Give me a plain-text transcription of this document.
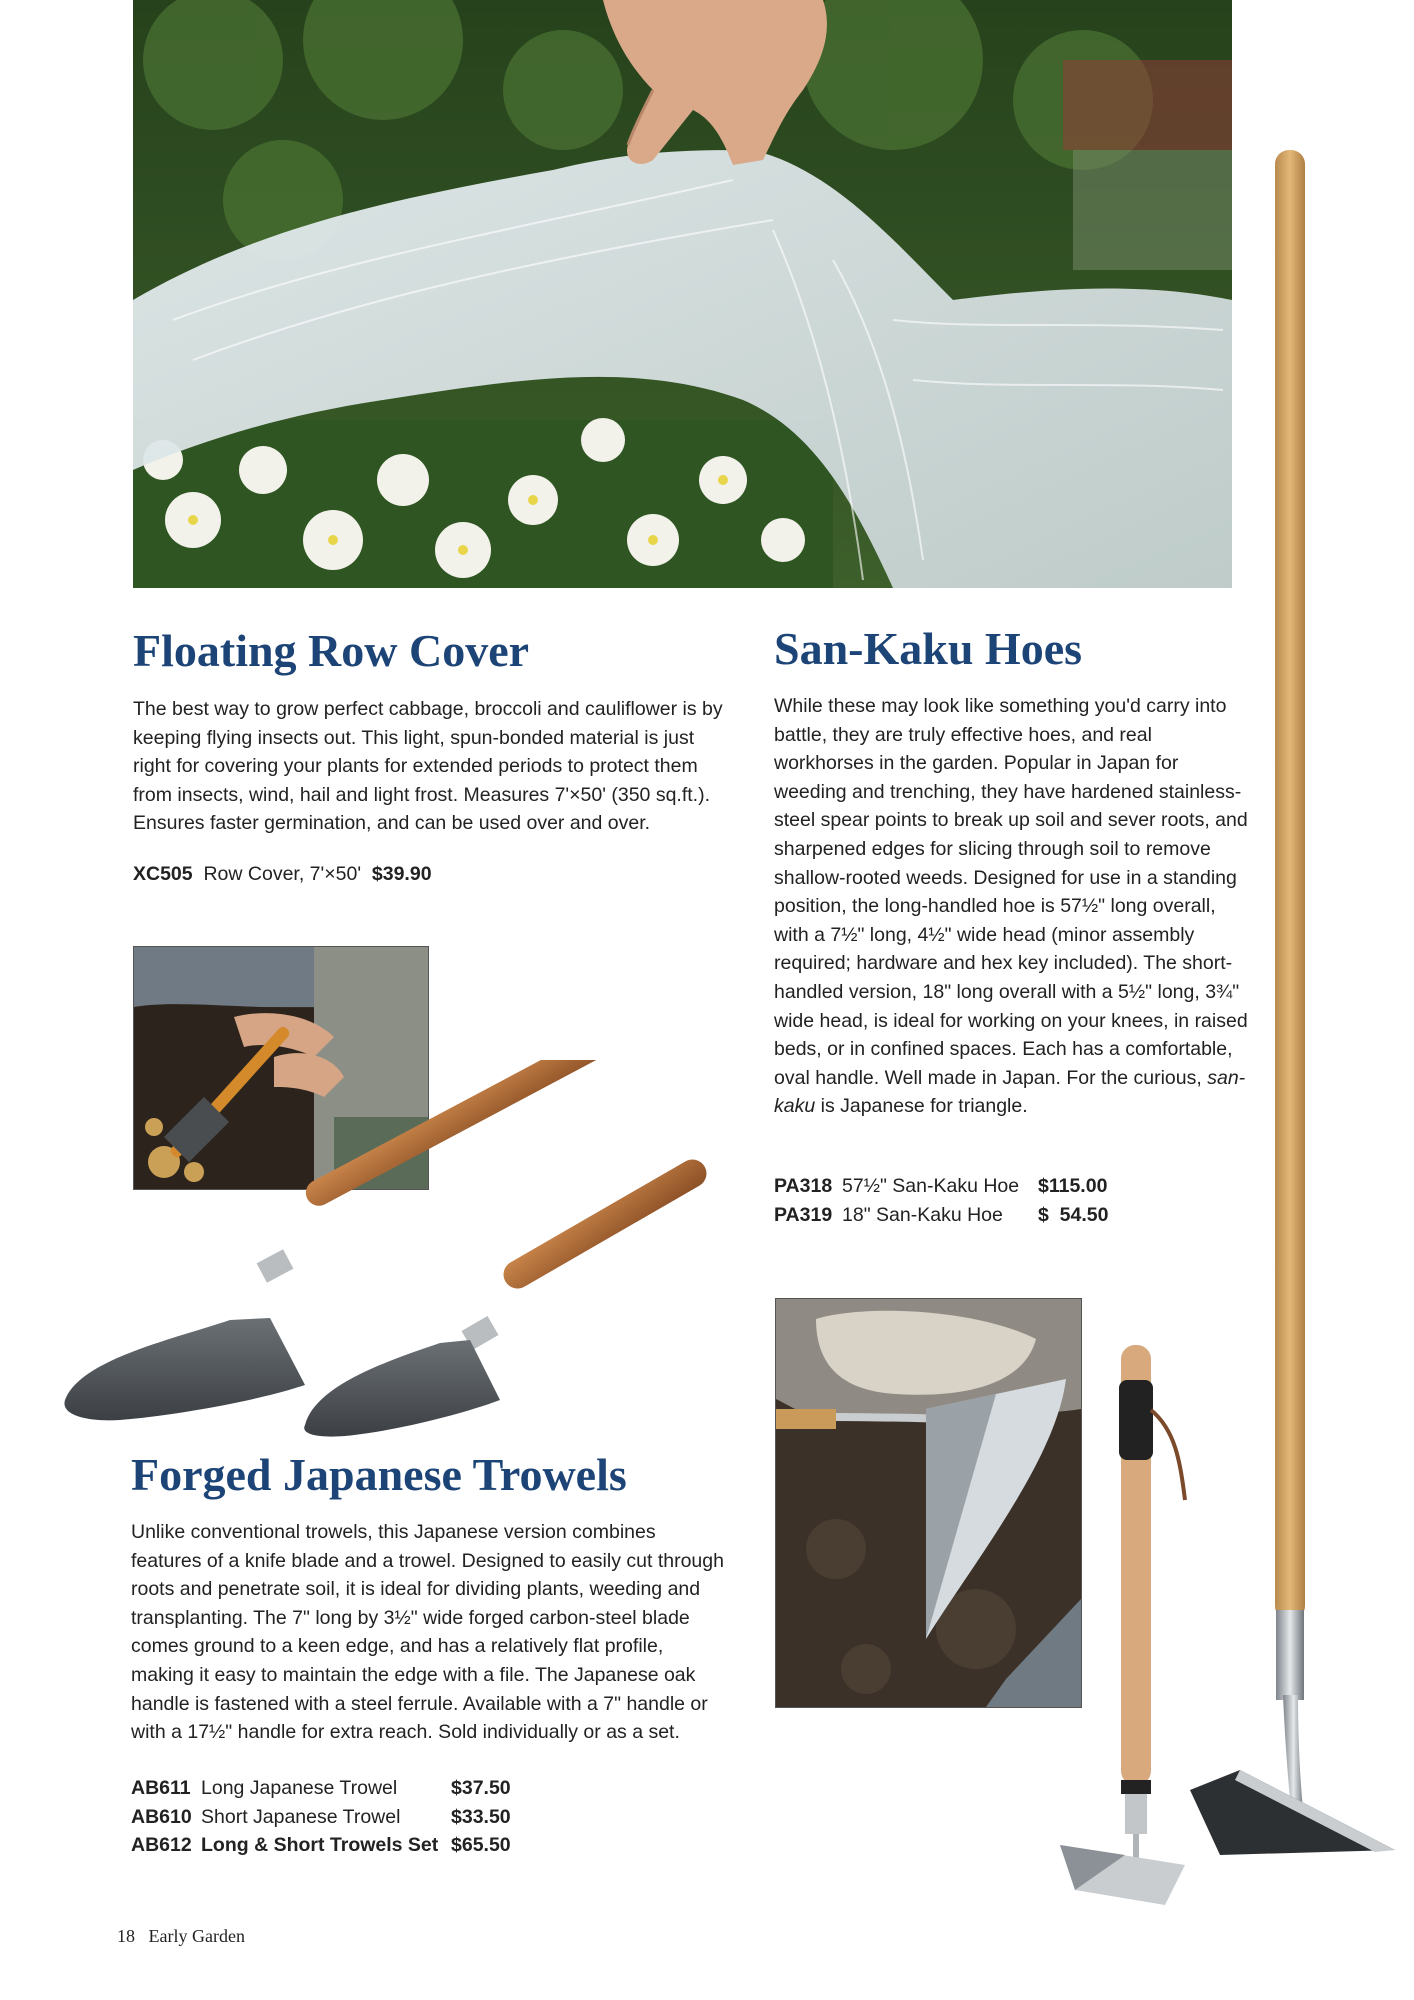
Floating Row Cover

The best way to grow perfect cabbage, broccoli and cauliflower is by keeping flying insects out. This light, spun-bonded material is just right for covering your plants for extended periods to protect them from insects, wind, hail and light frost. Measures 7'×50' (350 sq.ft.). Ensures faster germination, and can be used over and over.

XC505 Row Cover, 7'×50' $39.90

Forged Japanese Trowels

Unlike conventional trowels, this Japanese version combines features of a knife blade and a trowel. Designed to easily cut through roots and penetrate soil, it is ideal for dividing plants, weeding and transplanting. The 7" long by 3½" wide forged carbon-steel blade comes ground to a keen edge, and has a relatively flat profile, making it easy to maintain the edge with a file. The Japanese oak handle is fastened with a steel ferrule. Available with a 7" handle or with a 17½" handle for extra reach. Sold individually or as a set.

AB611	Long Japanese Trowel	$37.50
AB610	Short Japanese Trowel	$33.50
AB612	Long & Short Trowels Set	$65.50
San-Kaku Hoes

While these may look like something you'd carry into battle, they are truly effective hoes, and real workhorses in the garden. Popular in Japan for weeding and trenching, they have hardened stainless-steel spear points to break up soil and sever roots, and sharpened edges for slicing through soil to remove shallow-rooted weeds. Designed for use in a standing position, the long-handled hoe is 57½" long overall, with a 7½" long, 4½" wide head (minor assembly required; hardware and hex key included). The short-handled version, 18" long overall with a 5½" long, 3¾" wide head, is ideal for working on your knees, in raised beds, or in confined spaces. Each has a comfortable, oval handle. Well made in Japan. For the curious, san-kaku is Japanese for triangle.

PA318	57½" San-Kaku Hoe	$115.00
PA319	18" San-Kaku Hoe	$  54.50
18 Early Garden
